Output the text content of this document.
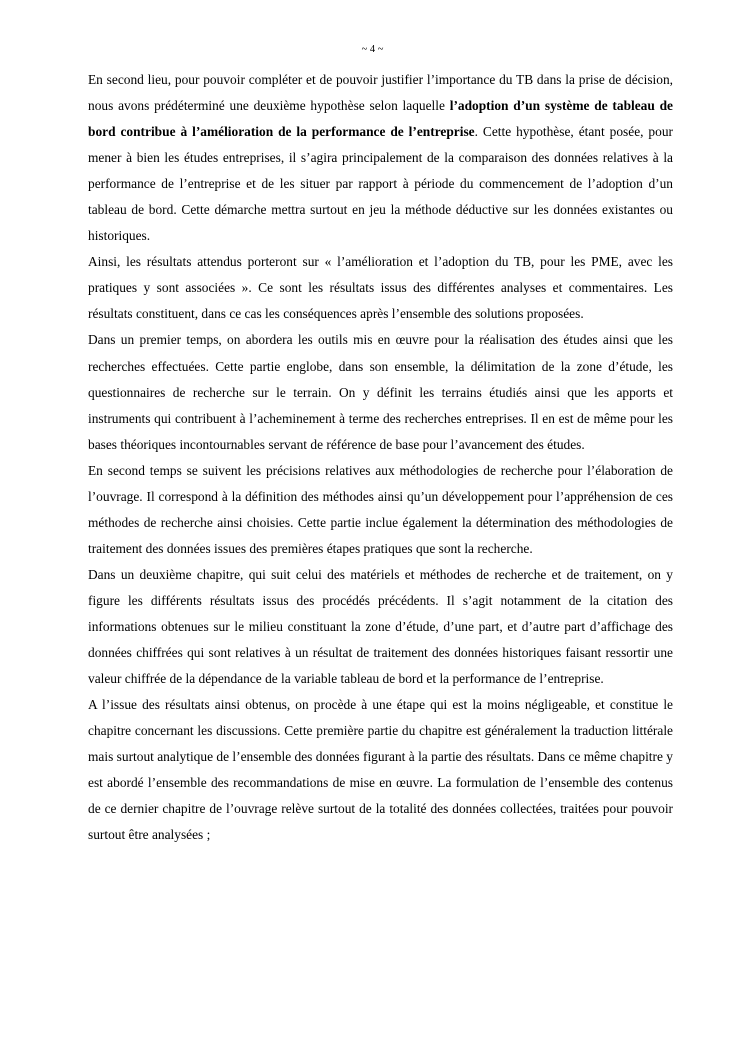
~ 4 ~

En second lieu, pour pouvoir compléter et de pouvoir justifier l’importance du TB dans la prise de décision, nous avons prédéterminé une deuxième hypothèse selon laquelle l’adoption d’un système de tableau de bord contribue à l’amélioration de la performance de l’entreprise. Cette hypothèse, étant posée, pour mener à bien les études entreprises, il s’agira principalement de la comparaison des données relatives à la performance de l’entreprise et de les situer par rapport à période du commencement de l’adoption d’un tableau de bord. Cette démarche mettra surtout en jeu la méthode déductive sur les données existantes ou historiques.

Ainsi, les résultats attendus porteront sur « l’amélioration et l’adoption du TB, pour les PME, avec les pratiques y sont associées ». Ce sont les résultats issus des différentes analyses et commentaires. Les résultats constituent, dans ce cas les conséquences après l’ensemble des solutions proposées.

Dans un premier temps, on abordera les outils mis en œuvre pour la réalisation des études ainsi que les recherches effectuées. Cette partie englobe, dans son ensemble, la délimitation de la zone d’étude, les questionnaires de recherche sur le terrain. On y définit les terrains étudiés ainsi que les apports et instruments qui contribuent à l’acheminement à terme des recherches entreprises. Il en est de même pour les bases théoriques incontournables servant de référence de base pour l’avancement des études.

En second temps se suivent les précisions relatives aux méthodologies de recherche pour l’élaboration de l’ouvrage. Il correspond à la définition des méthodes ainsi qu’un développement pour l’appréhension de ces méthodes de recherche ainsi choisies. Cette partie inclue également la détermination des méthodologies de traitement des données issues des premières étapes pratiques que sont la recherche.

Dans un deuxième chapitre, qui suit celui des matériels et méthodes de recherche et de traitement, on y figure les différents résultats issus des procédés précédents. Il s’agit notamment de la citation des informations obtenues sur le milieu constituant la zone d’étude, d’une part, et d’autre part d’affichage des données chiffrées qui sont relatives à un résultat de traitement des données historiques faisant ressortir une valeur chiffrée de la dépendance de la variable tableau de bord et la performance de l’entreprise.

A l’issue des résultats ainsi obtenus, on procède à une étape qui est la moins négligeable, et constitue le chapitre concernant les discussions. Cette première partie du chapitre est généralement la traduction littérale mais surtout analytique de l’ensemble des données figurant à la partie des résultats. Dans ce même chapitre y est abordé l’ensemble des recommandations de mise en œuvre. La formulation de l’ensemble des contenus de ce dernier chapitre de l’ouvrage relève surtout de la totalité des données collectées, traitées pour pouvoir surtout être analysées ;
